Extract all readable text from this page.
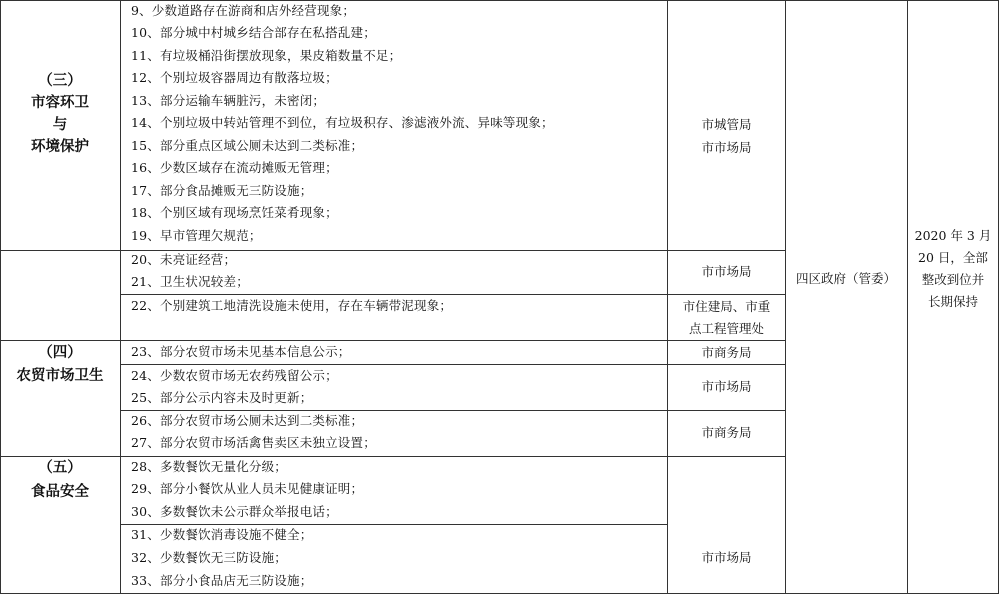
（三）
市容环卫
与
环境保护
（四）
农贸市场卫生
（五）
食品安全
9、少数道路存在游商和店外经营现象；
10、部分城中村城乡结合部存在私搭乱建；
11、有垃圾桶沿街摆放现象，果皮箱数量不足；
12、个别垃圾容器周边有散落垃圾；
13、部分运输车辆脏污，未密闭；
14、个别垃圾中转站管理不到位，有垃圾积存、渗滤液外流、异味等现象；
15、部分重点区域公厕未达到二类标准；
16、少数区域存在流动摊贩无管理；
17、部分食品摊贩无三防设施；
18、个别区域有现场烹饪菜肴现象；
19、早市管理欠规范；
20、未亮证经营；
21、卫生状况较差；
22、个别建筑工地清洗设施未使用，存在车辆带泥现象；
23、部分农贸市场未见基本信息公示；
24、少数农贸市场无农药残留公示；
25、部分公示内容未及时更新；
26、部分农贸市场公厕未达到二类标准；
27、部分农贸市场活禽售卖区未独立设置；
28、多数餐饮无量化分级；
29、部分小餐饮从业人员未见健康证明；
30、多数餐饮未公示群众举报电话；
31、少数餐饮消毒设施不健全；
32、少数餐饮无三防设施；
33、部分小食品店无三防设施；
市城管局
市市场局
市市场局
市住建局、市重
点工程管理处
市商务局
市市场局
市商务局
市市场局
四区政府（管委）
2020 年 3 月
20 日，全部
整改到位并
长期保持
